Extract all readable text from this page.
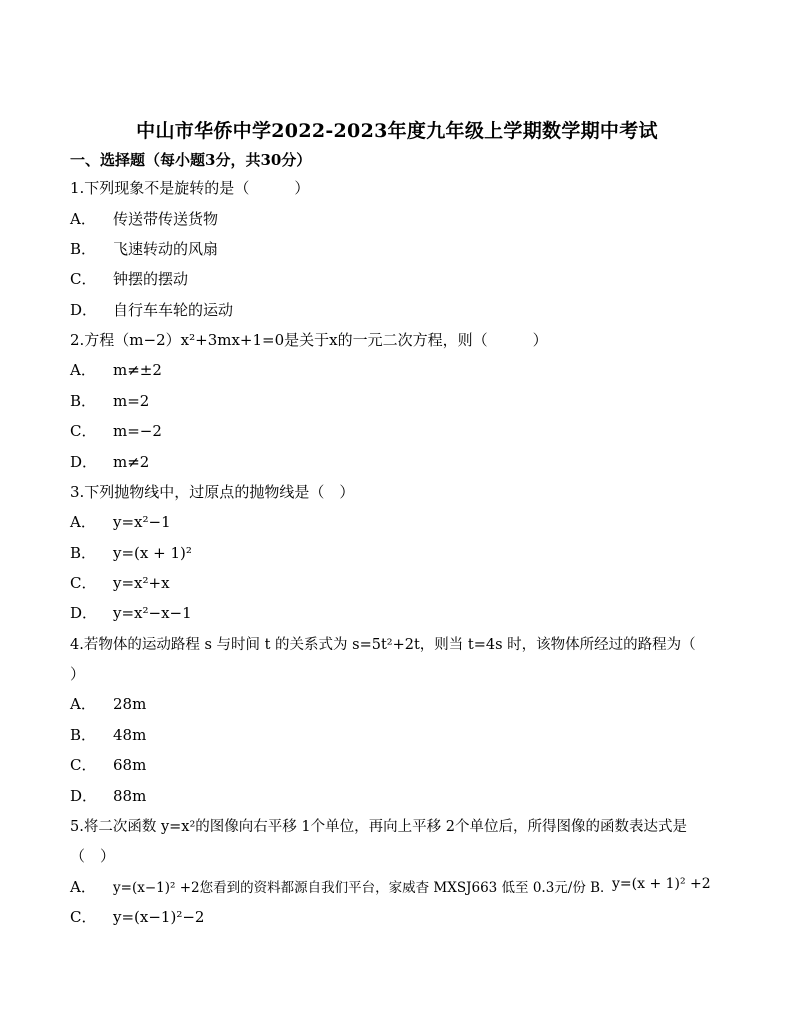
中山市华侨中学2022-2023年度九年级上学期数学期中考试
一、选择题（每小题3分，共30分）
1.下列现象不是旋转的是（　　　）
A． 传送带传送货物
B． 飞速转动的风扇
C． 钟摆的摆动
D． 自行车车轮的运动
2.方程（m−2）x²+3mx+1=0是关于x的一元二次方程，则（　　　）
A． m≠±2
B． m=2
C． m=−2
D． m≠2
3.下列抛物线中，过原点的抛物线是（　）
A． y=x²−1
B． y=(x + 1)²
C． y=x²+x
D． y=x²−x−1
4.若物体的运动路程 s 与时间 t 的关系式为 s=5t²+2t，则当 t=4s 时，该物体所经过的路程为（
）
A． 28m
B． 48m
C． 68m
D． 88m
5.将二次函数 y=x²的图像向右平移 1个单位，再向上平移 2个单位后，所得图像的函数表达式是
（　）
A． y=(x−1)² +2您看到的资料都源自我们平台，家威杳 MXSJ663 低至 0.3元/份 B．
y=(x + 1)² +2
C． y=(x−1)²−2
